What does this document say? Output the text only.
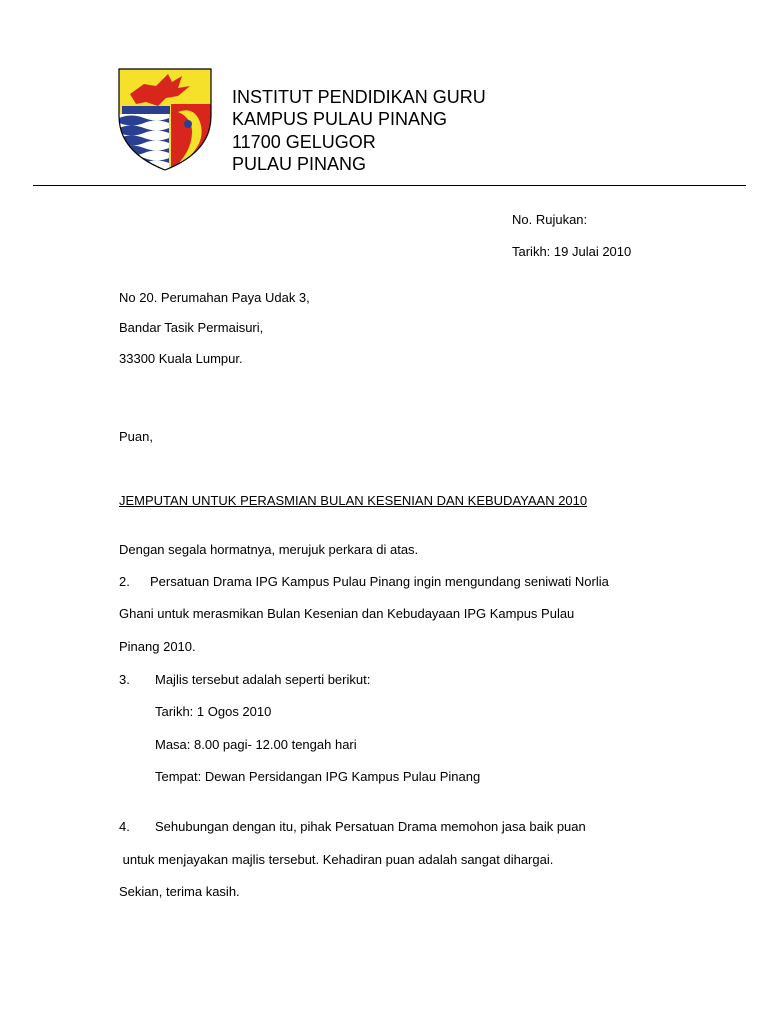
INSTITUT PENDIDIKAN GURU
KAMPUS PULAU PINANG
11700 GELUGOR
PULAU PINANG
No. Rujukan:
Tarikh: 19 Julai 2010
No 20. Perumahan Paya Udak 3,
Bandar Tasik Permaisuri,
33300 Kuala Lumpur.
Puan,
JEMPUTAN UNTUK PERASMIAN BULAN KESENIAN DAN KEBUDAYAAN 2010
Dengan segala hormatnya, merujuk perkara di atas.
2. Persatuan Drama IPG Kampus Pulau Pinang ingin mengundang seniwati Norlia
Ghani untuk merasmikan Bulan Kesenian dan Kebudayaan IPG Kampus Pulau
Pinang 2010.
3. Majlis tersebut adalah seperti berikut:
Tarikh: 1 Ogos 2010
Masa: 8.00 pagi- 12.00 tengah hari
Tempat: Dewan Persidangan IPG Kampus Pulau Pinang
4. Sehubungan dengan itu, pihak Persatuan Drama memohon jasa baik puan
untuk menjayakan majlis tersebut. Kehadiran puan adalah sangat dihargai.
Sekian, terima kasih.
